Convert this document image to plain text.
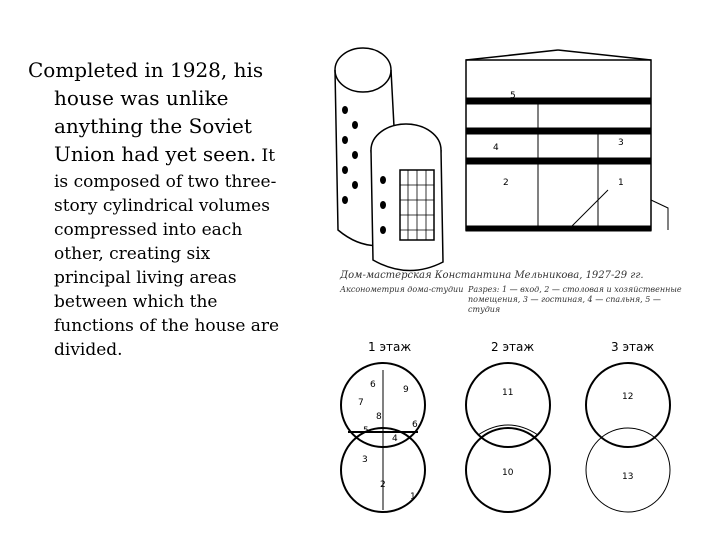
Completed in 1928, his

house was unlike

anything the Soviet

Union had yet seen. It

is composed of two three-

story cylindrical volumes

compressed into each

other, creating six

principal living areas

between which the

functions of the house are

divided.

5
3
4
2	1
Дом-мастерская Константина Мельникова, 1927-29 гг.
Аксонометрия дома-студии Разрез: 1 — вход, 2 — столовая и хозяйственные помещения, 3 — гостиная, 4 — спальня, 5 — студия
1 этаж	2 этаж	3 этаж
6	9
7
8
5
6
4
3
2
1
11
10
12
13
